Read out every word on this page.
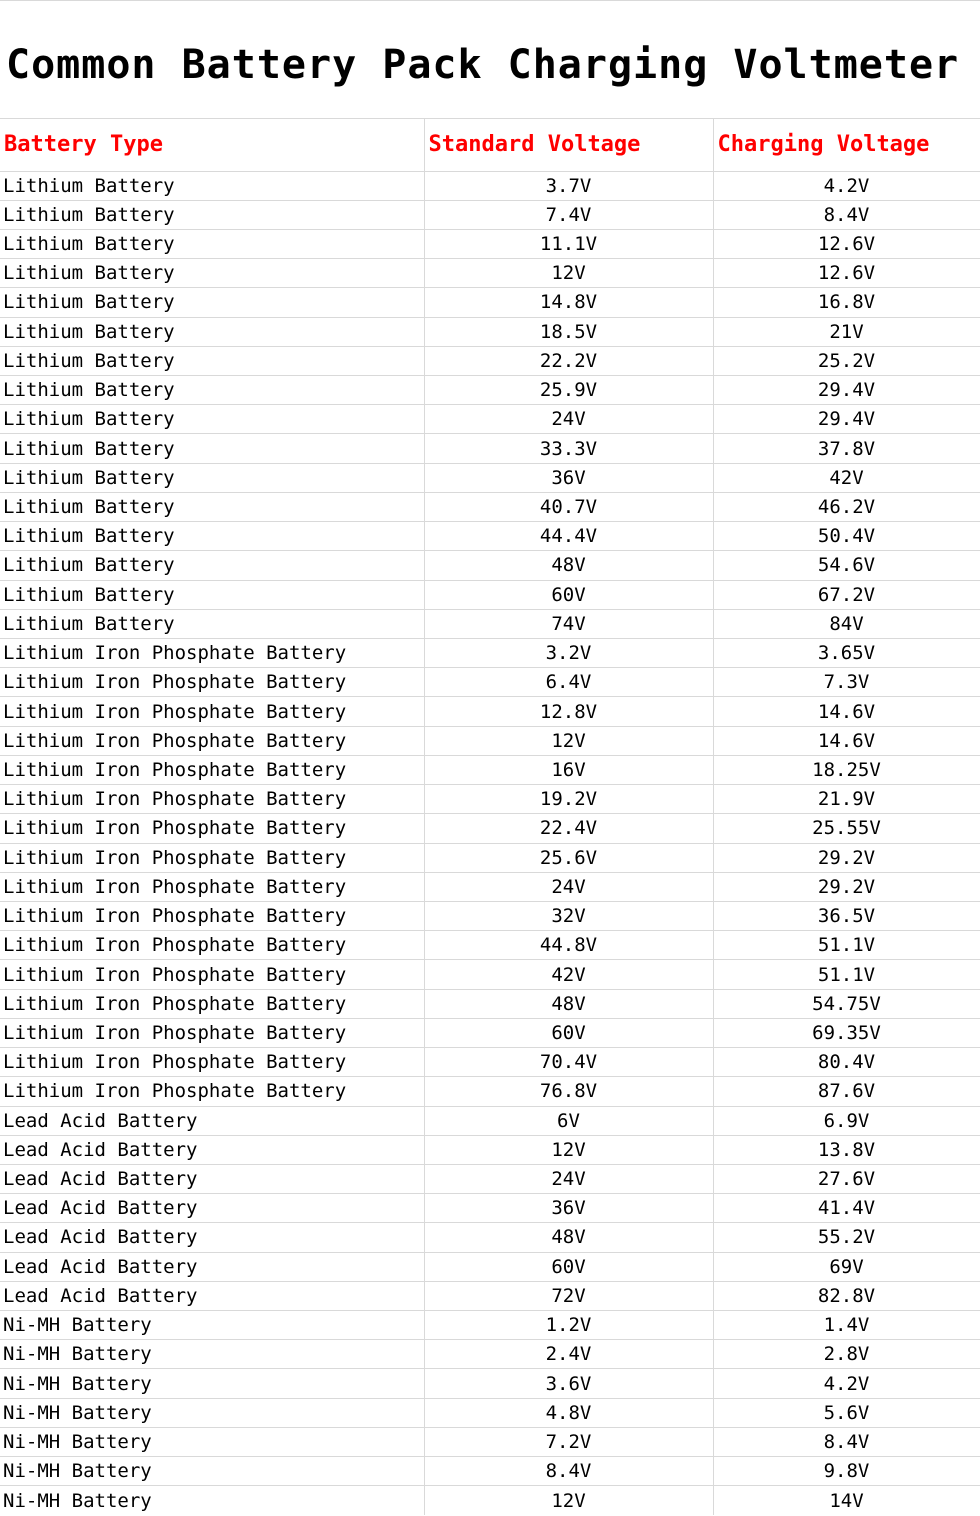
Common Battery Pack Charging Voltmeter
Battery Type	Standard Voltage	Charging Voltage
Lithium Battery	3.7V	4.2V
Lithium Battery	7.4V	8.4V
Lithium Battery	11.1V	12.6V
Lithium Battery	12V	12.6V
Lithium Battery	14.8V	16.8V
Lithium Battery	18.5V	21V
Lithium Battery	22.2V	25.2V
Lithium Battery	25.9V	29.4V
Lithium Battery	24V	29.4V
Lithium Battery	33.3V	37.8V
Lithium Battery	36V	42V
Lithium Battery	40.7V	46.2V
Lithium Battery	44.4V	50.4V
Lithium Battery	48V	54.6V
Lithium Battery	60V	67.2V
Lithium Battery	74V	84V
Lithium Iron Phosphate Battery	3.2V	3.65V
Lithium Iron Phosphate Battery	6.4V	7.3V
Lithium Iron Phosphate Battery	12.8V	14.6V
Lithium Iron Phosphate Battery	12V	14.6V
Lithium Iron Phosphate Battery	16V	18.25V
Lithium Iron Phosphate Battery	19.2V	21.9V
Lithium Iron Phosphate Battery	22.4V	25.55V
Lithium Iron Phosphate Battery	25.6V	29.2V
Lithium Iron Phosphate Battery	24V	29.2V
Lithium Iron Phosphate Battery	32V	36.5V
Lithium Iron Phosphate Battery	44.8V	51.1V
Lithium Iron Phosphate Battery	42V	51.1V
Lithium Iron Phosphate Battery	48V	54.75V
Lithium Iron Phosphate Battery	60V	69.35V
Lithium Iron Phosphate Battery	70.4V	80.4V
Lithium Iron Phosphate Battery	76.8V	87.6V
Lead Acid Battery	6V	6.9V
Lead Acid Battery	12V	13.8V
Lead Acid Battery	24V	27.6V
Lead Acid Battery	36V	41.4V
Lead Acid Battery	48V	55.2V
Lead Acid Battery	60V	69V
Lead Acid Battery	72V	82.8V
Ni-MH Battery	1.2V	1.4V
Ni-MH Battery	2.4V	2.8V
Ni-MH Battery	3.6V	4.2V
Ni-MH Battery	4.8V	5.6V
Ni-MH Battery	7.2V	8.4V
Ni-MH Battery	8.4V	9.8V
Ni-MH Battery	12V	14V
